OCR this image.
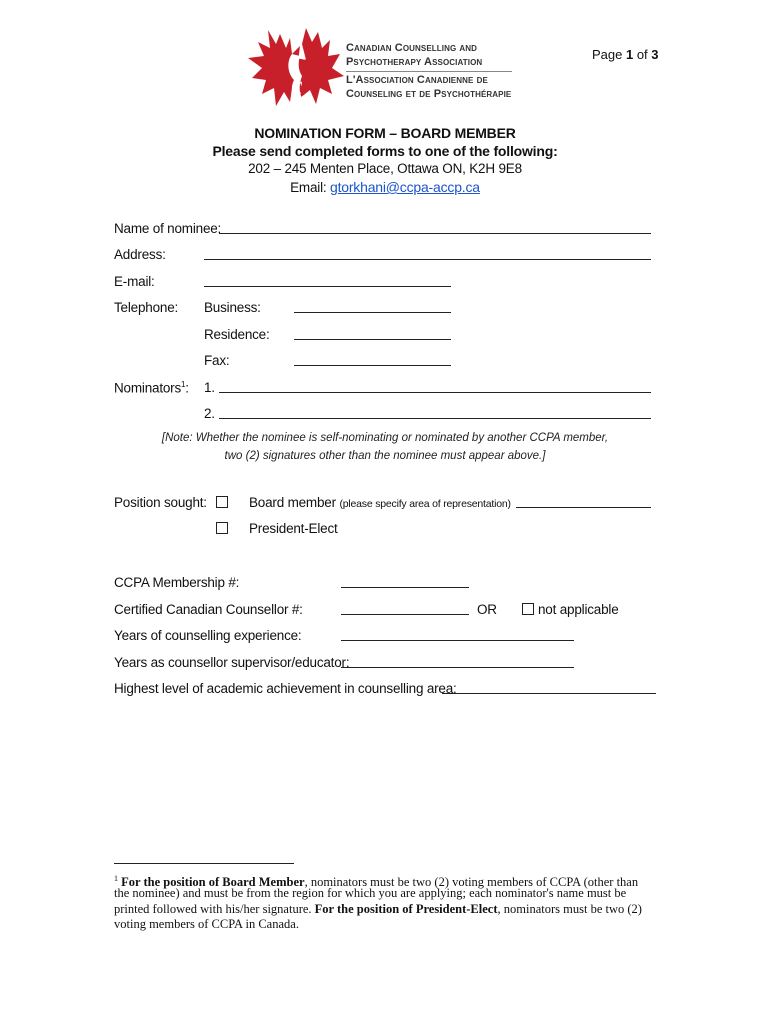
Canadian Counselling and
Psychotherapy Association
L'Association Canadienne de
Counseling et de Psychothérapie
Page 1 of 3
NOMINATION FORM – BOARD MEMBER
Please send completed forms to one of the following:
202 – 245 Menten Place, Ottawa ON, K2H 9E8
Email: gtorkhani@ccpa-accp.ca
Name of nominee:
Address:
E-mail:
Telephone: Business:
Residence:
Fax:
Nominators$^1$: 1.
2.
[Note: Whether the nominee is self-nominating or nominated by another CCPA member,
two (2) signatures other than the nominee must appear above.]
Position sought:	Board member (please specify area of representation)
President-Elect
CCPA Membership #:
Certified Canadian Counsellor #:	OR	not applicable
Years of counselling experience:
Years as counsellor supervisor/educator:
Highest level of academic achievement in counselling area:
$^1$ For the position of Board Member, nominators must be two (2) voting members of CCPA (other than
the nominee) and must be from the region for which you are applying; each nominator's name must be
printed followed with his/her signature. For the position of President-Elect, nominators must be two (2)
voting members of CCPA in Canada.
